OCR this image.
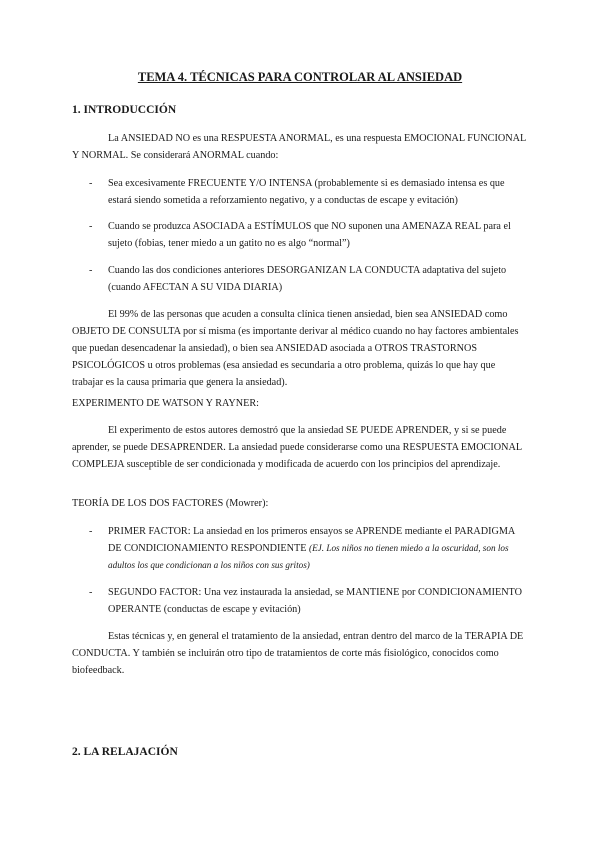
TEMA 4. TÉCNICAS PARA CONTROLAR AL ANSIEDAD
1. INTRODUCCIÓN
La ANSIEDAD NO es una RESPUESTA ANORMAL, es una respuesta EMOCIONAL FUNCIONAL Y NORMAL. Se considerará ANORMAL cuando:
- Sea excesivamente FRECUENTE Y/O INTENSA (probablemente si es demasiado intensa es que estará siendo sometida a reforzamiento negativo, y a conductas de escape y evitación)
- Cuando se produzca ASOCIADA a ESTÍMULOS que NO suponen una AMENAZA REAL para el sujeto (fobias, tener miedo a un gatito no es algo “normal”)
- Cuando las dos condiciones anteriores DESORGANIZAN LA CONDUCTA adaptativa del sujeto (cuando AFECTAN A SU VIDA DIARIA)
El 99% de las personas que acuden a consulta clínica tienen ansiedad, bien sea ANSIEDAD como OBJETO DE CONSULTA por sí misma (es importante derivar al médico cuando no hay factores ambientales que puedan desencadenar la ansiedad), o bien sea ANSIEDAD asociada a OTROS TRASTORNOS PSICOLÓGICOS u otros problemas (esa ansiedad es secundaria a otro problema, quizás lo que hay que trabajar es la causa primaria que genera la ansiedad).
EXPERIMENTO DE WATSON Y RAYNER:
El experimento de estos autores demostró que la ansiedad SE PUEDE APRENDER, y si se puede aprender, se puede DESAPRENDER. La ansiedad puede considerarse como una RESPUESTA EMOCIONAL COMPLEJA susceptible de ser condicionada y modificada de acuerdo con los principios del aprendizaje.
TEORÍA DE LOS DOS FACTORES (Mowrer):
- PRIMER FACTOR: La ansiedad en los primeros ensayos se APRENDE mediante el PARADIGMA DE CONDICIONAMIENTO RESPONDIENTE (EJ. Los niños no tienen miedo a la oscuridad, son los adultos los que condicionan a los niños con sus gritos)
- SEGUNDO FACTOR: Una vez instaurada la ansiedad, se MANTIENE por CONDICIONAMIENTO OPERANTE (conductas de escape y evitación)
Estas técnicas y, en general el tratamiento de la ansiedad, entran dentro del marco de la TERAPIA DE CONDUCTA. Y también se incluirán otro tipo de tratamientos de corte más fisiológico, conocidos como biofeedback.
2. LA RELAJACIÓN
